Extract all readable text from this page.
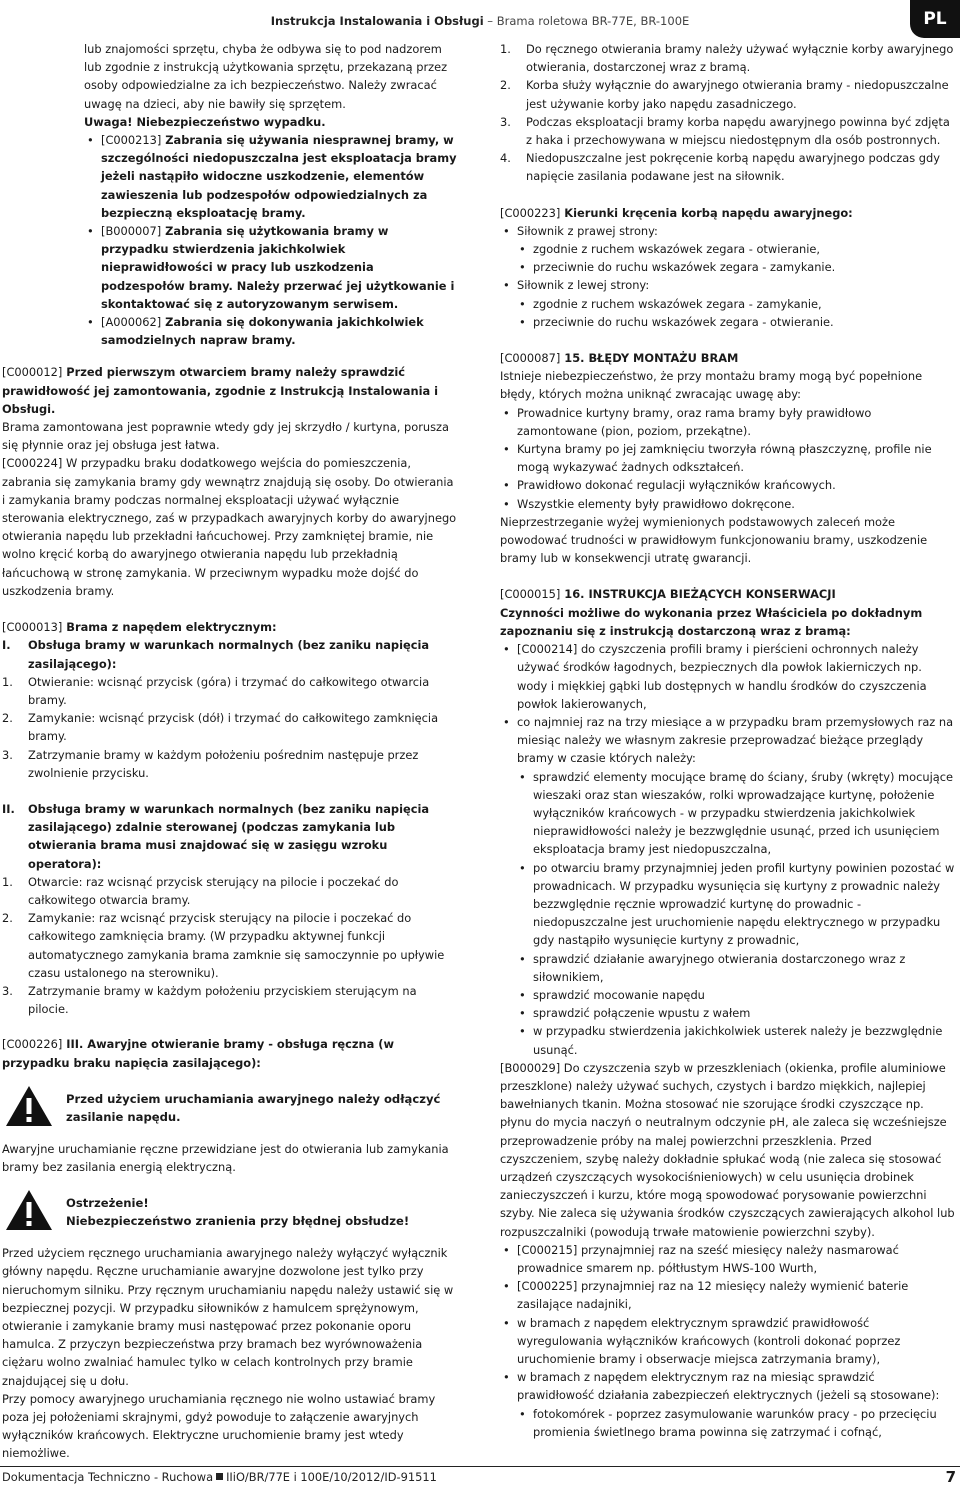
Instrukcja Instalowania i Obsługi – Brama roletowa BR-77E, BR-100E	PL

lub znajomości sprzętu, chyba że odbywa się to pod nadzorem lub zgodnie z instrukcją użytkowania sprzętu, przekazaną przez osoby odpowiedzialne za ich bezpieczeństwo. Należy zwracać uwagę na dzieci, aby nie bawiły się sprzętem.

Uwaga! Niebezpieczeństwo wypadku.

• [C000213] Zabrania się używania niesprawnej bramy, w szczególności niedopuszczalna jest eksploatacja bramy jeżeli nastąpiło widoczne uszkodzenie, elementów zawieszenia lub podzespołów odpowiedzialnych za bezpieczną eksploatację bramy.
• [B000007] Zabrania się użytkowania bramy w przypadku stwierdzenia jakichkolwiek nieprawidłowości w pracy lub uszkodzenia podzespołów bramy. Należy przerwać jej użytkowanie i skontaktować się z autoryzowanym serwisem.
• [A000062] Zabrania się dokonywania jakichkolwiek samodzielnych napraw bramy.

[C000012] Przed pierwszym otwarciem bramy należy sprawdzić prawidłowość jej zamontowania, zgodnie z Instrukcją Instalowania i Obsługi.

Brama zamontowana jest poprawnie wtedy gdy jej skrzydło / kurtyna, porusza się płynnie oraz jej obsługa jest łatwa.

[C000224] W przypadku braku dodatkowego wejścia do pomieszczenia, zabrania się zamykania bramy gdy wewnątrz znajdują się osoby. Do otwierania i zamykania bramy podczas normalnej eksploatacji używać wyłącznie sterowania elektrycznego, zaś w przypadkach awaryjnych korby do awaryjnego otwierania napędu lub przekładni łańcuchowej. Przy zamkniętej bramie, nie wolno kręcić korbą do awaryjnego otwierania napędu lub przekładnią łańcuchową w stronę zamykania. W przeciwnym wypadku może dojść do uszkodzenia bramy.

[C000013] Brama z napędem elektrycznym:

I. Obsługa bramy w warunkach normalnych (bez zaniku napięcia zasilającego):
1. Otwieranie: wcisnąć przycisk (góra) i trzymać do całkowitego otwarcia bramy.
2. Zamykanie: wcisnąć przycisk (dół) i trzymać do całkowitego zamknięcia bramy.
3. Zatrzymanie bramy w każdym położeniu pośrednim następuje przez zwolnienie przycisku.
II. Obsługa bramy w warunkach normalnych (bez zaniku napięcia zasilającego) zdalnie sterowanej (podczas zamykania lub otwierania brama musi znajdować się w zasięgu wzroku operatora):
1. Otwarcie: raz wcisnąć przycisk sterujący na pilocie i poczekać do całkowitego otwarcia bramy.
2. Zamykanie: raz wcisnąć przycisk sterujący na pilocie i poczekać do całkowitego zamknięcia bramy. (W przypadku aktywnej funkcji automatycznego zamykania brama zamknie się samoczynnie po upływie czasu ustalonego na sterowniku).
3. Zatrzymanie bramy w każdym położeniu przyciskiem sterującym na pilocie.

[C000226] III. Awaryjne otwieranie bramy - obsługa ręczna (w przypadku braku napięcia zasilającego):

Przed użyciem uruchamiania awaryjnego należy odłączyć zasilanie napędu.

Awaryjne uruchamianie ręczne przewidziane jest do otwierania lub zamykania bramy bez zasilania energią elektryczną.

Ostrzeżenie!
Niebezpieczeństwo zranienia przy błędnej obsłudze!

Przed użyciem ręcznego uruchamiania awaryjnego należy wyłączyć wyłącznik główny napędu. Ręczne uruchamianie awaryjne dozwolone jest tylko przy nieruchomym silniku. Przy ręcznym uruchamianiu napędu należy ustawić się w bezpiecznej pozycji. W przypadku siłowników z hamulcem sprężynowym, otwieranie i zamykanie bramy musi następować przez pokonanie oporu hamulca. Z przyczyn bezpieczeństwa przy bramach bez wyrównoważenia ciężaru wolno zwalniać hamulec tylko w celach kontrolnych przy bramie znajdującej się u dołu.

Przy pomocy awaryjnego uruchamiania ręcznego nie wolno ustawiać bramy poza jej położeniami skrajnymi, gdyż powoduje to załączenie awaryjnych wyłączników krańcowych. Elektryczne uruchomienie bramy jest wtedy niemożliwe.

1. Do ręcznego otwierania bramy należy używać wyłącznie korby awaryjnego otwierania, dostarczonej wraz z bramą.
2. Korba służy wyłącznie do awaryjnego otwierania bramy - niedopuszczalne jest używanie korby jako napędu zasadniczego.
3. Podczas eksploatacji bramy korba napędu awaryjnego powinna być zdjęta z haka i przechowywana w miejscu niedostępnym dla osób postronnych.
4. Niedopuszczalne jest pokręcenie korbą napędu awaryjnego podczas gdy napięcie zasilania podawane jest na siłownik.

[C000223] Kierunki kręcenia korbą napędu awaryjnego:

• Siłownik z prawej strony:
• zgodnie z ruchem wskazówek zegara - otwieranie,
• przeciwnie do ruchu wskazówek zegara - zamykanie.
• Siłownik z lewej strony:
• zgodnie z ruchem wskazówek zegara - zamykanie,
• przeciwnie do ruchu wskazówek zegara - otwieranie.

[C000087] 15. BŁĘDY MONTAŻU BRAM

Istnieje niebezpieczeństwo, że przy montażu bramy mogą być popełnione błędy, których można uniknąć zwracając uwagę aby:

• Prowadnice kurtyny bramy, oraz rama bramy były prawidłowo zamontowane (pion, poziom, przekątne).
• Kurtyna bramy po jej zamknięciu tworzyła równą płaszczyznę, profile nie mogą wykazywać żadnych odkształceń.
• Prawidłowo dokonać regulacji wyłączników krańcowych.
• Wszystkie elementy były prawidłowo dokręcone.

Nieprzestrzeganie wyżej wymienionych podstawowych zaleceń może powodować trudności w prawidłowym funkcjonowaniu bramy, uszkodzenie bramy lub w konsekwencji utratę gwarancji.

[C000015] 16. INSTRUKCJA BIEŻĄCYCH KONSERWACJI

Czynności możliwe do wykonania przez Właściciela po dokładnym zapoznaniu się z instrukcją dostarczoną wraz z bramą:

• [C000214] do czyszczenia profili bramy i pierścieni ochronnych należy używać środków łagodnych, bezpiecznych dla powłok lakierniczych np. wody i miękkiej gąbki lub dostępnych w handlu środków do czyszczenia powłok lakierowanych,
• co najmniej raz na trzy miesiące a w przypadku bram przemysłowych raz na miesiąc należy we własnym zakresie przeprowadzać bieżące przeglądy bramy w czasie których należy:
• sprawdzić elementy mocujące bramę do ściany, śruby (wkręty) mocujące wieszaki oraz stan wieszaków, rolki wprowadzające kurtynę, położenie wyłączników krańcowych - w przypadku stwierdzenia jakichkolwiek nieprawidłowości należy je bezzwględnie usunąć, przed ich usunięciem eksploatacja bramy jest niedopuszczalna,
• po otwarciu bramy przynajmniej jeden profil kurtyny powinien pozostać w prowadnicach. W przypadku wysunięcia się kurtyny z prowadnic należy bezzwględnie ręcznie wprowadzić kurtynę do prowadnic - niedopuszczalne jest uruchomienie napędu elektrycznego w przypadku gdy nastąpiło wysunięcie kurtyny z prowadnic,
• sprawdzić działanie awaryjnego otwierania dostarczonego wraz z siłownikiem,
• sprawdzić mocowanie napędu
• sprawdzić połączenie wpustu z wałem
• w przypadku stwierdzenia jakichkolwiek usterek należy je bezzwględnie usunąć.

[B000029] Do czyszczenia szyb w przeszkleniach (okienka, profile aluminiowe przeszklone) należy używać suchych, czystych i bardzo miękkich, najlepiej bawełnianych tkanin. Można stosować nie szorujące środki czyszczące np. płynu do mycia naczyń o neutralnym odczynie pH, ale zaleca się wcześniejsze przeprowadzenie próby na malej powierzchni przeszklenia. Przed czyszczeniem, szybę należy dokładnie spłukać wodą (nie zaleca się stosować urządzeń czyszczących wysokociśnieniowych) w celu usunięcia drobinek zanieczyszczeń i kurzu, które mogą spowodować porysowanie powierzchni szyby. Nie zaleca się używania środków czyszczących zawierających alkohol lub rozpuszczalniki (powodują trwałe matowienie powierzchni szyby).

• [C000215] przynajmniej raz na sześć miesięcy należy nasmarować prowadnice smarem np. półtłustym HWS-100 Wurth,
• [C000225] przynajmniej raz na 12 miesięcy należy wymienić baterie zasilające nadajniki,
• w bramach z napędem elektrycznym sprawdzić prawidłowość wyregulowania wyłączników krańcowych (kontroli dokonać poprzez uruchomienie bramy i obserwacje miejsca zatrzymania bramy),
• w bramach z napędem elektrycznym raz na miesiąc sprawdzić prawidłowość działania zabezpieczeń elektrycznych (jeżeli są stosowane):
• fotokomórek - poprzez zasymulowanie warunków pracy - po przecięciu promienia świetlnego brama powinna się zatrzymać i cofnąć,
Dokumentacja Techniczno - Ruchowa IIiO/BR/77E i 100E/10/2012/ID-91511	7
